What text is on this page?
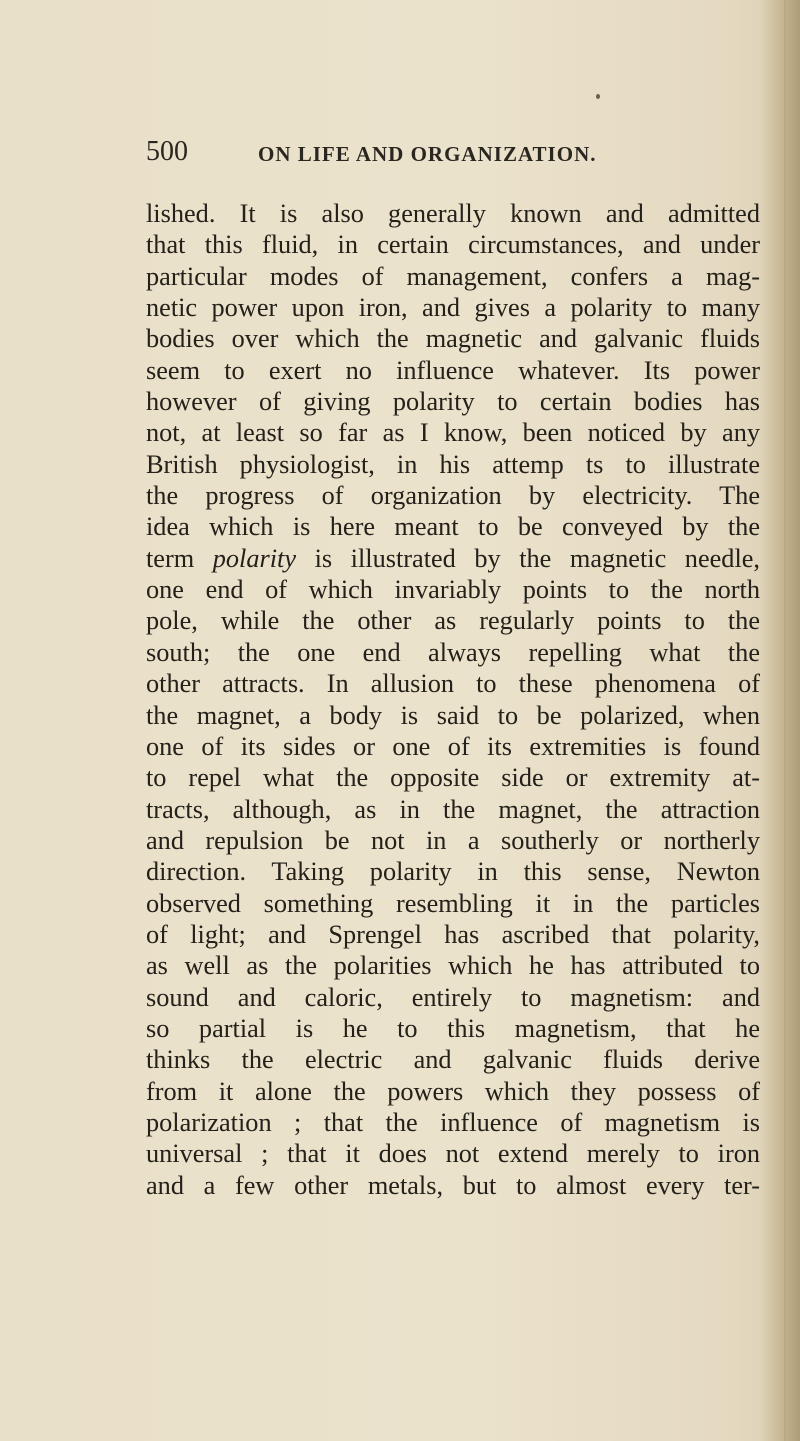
500	ON LIFE AND ORGANIZATION.
lished. It is also generally known and admitted
that this fluid, in certain circumstances, and under
particular modes of management, confers a mag-
netic power upon iron, and gives a polarity to many
bodies over which the magnetic and galvanic fluids
seem to exert no influence whatever. Its power
however of giving polarity to certain bodies has
not, at least so far as I know, been noticed by any
British physiologist, in his attemp ts to illustrate
the progress of organization by electricity. The
idea which is here meant to be conveyed by the
term polarity is illustrated by the magnetic needle,
one end of which invariably points to the north
pole, while the other as regularly points to the
south; the one end always repelling what the
other attracts. In allusion to these phenomena of
the magnet, a body is said to be polarized, when
one of its sides or one of its extremities is found
to repel what the opposite side or extremity at-
tracts, although, as in the magnet, the attraction
and repulsion be not in a southerly or northerly
direction. Taking polarity in this sense, Newton
observed something resembling it in the particles
of light; and Sprengel has ascribed that polarity,
as well as the polarities which he has attributed to
sound and caloric, entirely to magnetism: and
so partial is he to this magnetism, that he
thinks the electric and galvanic fluids derive
from it alone the powers which they possess of
polarization ; that the influence of magnetism is
universal ; that it does not extend merely to iron
and a few other metals, but to almost every ter-
